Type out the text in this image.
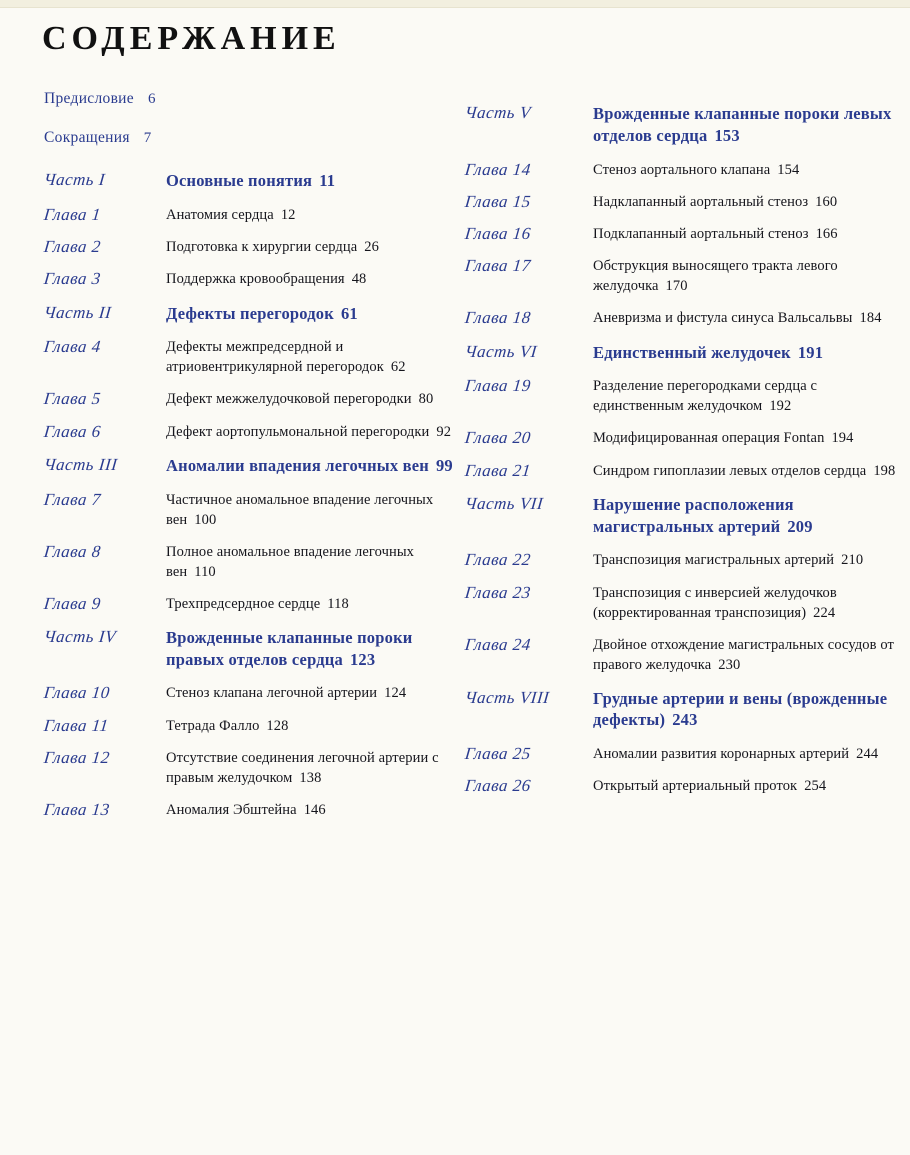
СОДЕРЖАНИЕ
Предисловие 6
Сокращения 7
Часть I	Основные понятия 11
Глава 1	Анатомия сердца 12
Глава 2	Подготовка к хирургии сердца 26
Глава 3	Поддержка кровообращения 48
Часть II	Дефекты перегородок 61
Глава 4	Дефекты межпредсердной и атриовентрикулярной перегородок 62
Глава 5	Дефект межжелудочковой перегородки 80
Глава 6	Дефект аортопульмональной перегородки 92
Часть III	Аномалии впадения легочных вен 99
Глава 7	Частичное аномальное впадение легочных вен 100
Глава 8	Полное аномальное впадение легочных вен 110
Глава 9	Трехпредсердное сердце 118
Часть IV	Врожденные клапанные пороки правых отделов сердца 123
Глава 10	Стеноз клапана легочной артерии 124
Глава 11	Тетрада Фалло 128
Глава 12	Отсутствие соединения легочной артерии с правым желудочком 138
Глава 13	Аномалия Эбштейна 146
Часть V	Врожденные клапанные пороки левых отделов сердца 153
Глава 14	Стеноз аортального клапана 154
Глава 15	Надклапанный аортальный стеноз 160
Глава 16	Подклапанный аортальный стеноз 166
Глава 17	Обструкция выносящего тракта левого желудочка 170
Глава 18	Аневризма и фистула синуса Вальсальвы 184
Часть VI	Единственный желудочек 191
Глава 19	Разделение перегородками сердца с единственным желудочком 192
Глава 20	Модифицированная операция Fontan 194
Глава 21	Синдром гипоплазии левых отделов сердца 198
Часть VII	Нарушение расположения магистральных артерий 209
Глава 22	Транспозиция магистральных артерий 210
Глава 23	Транспозиция с инверсией желудочков (корректированная транспозиция) 224
Глава 24	Двойное отхождение магистральных сосудов от правого желудочка 230
Часть VIII	Грудные артерии и вены (врожденные дефекты) 243
Глава 25	Аномалии развития коронарных артерий 244
Глава 26	Открытый артериальный проток 254
